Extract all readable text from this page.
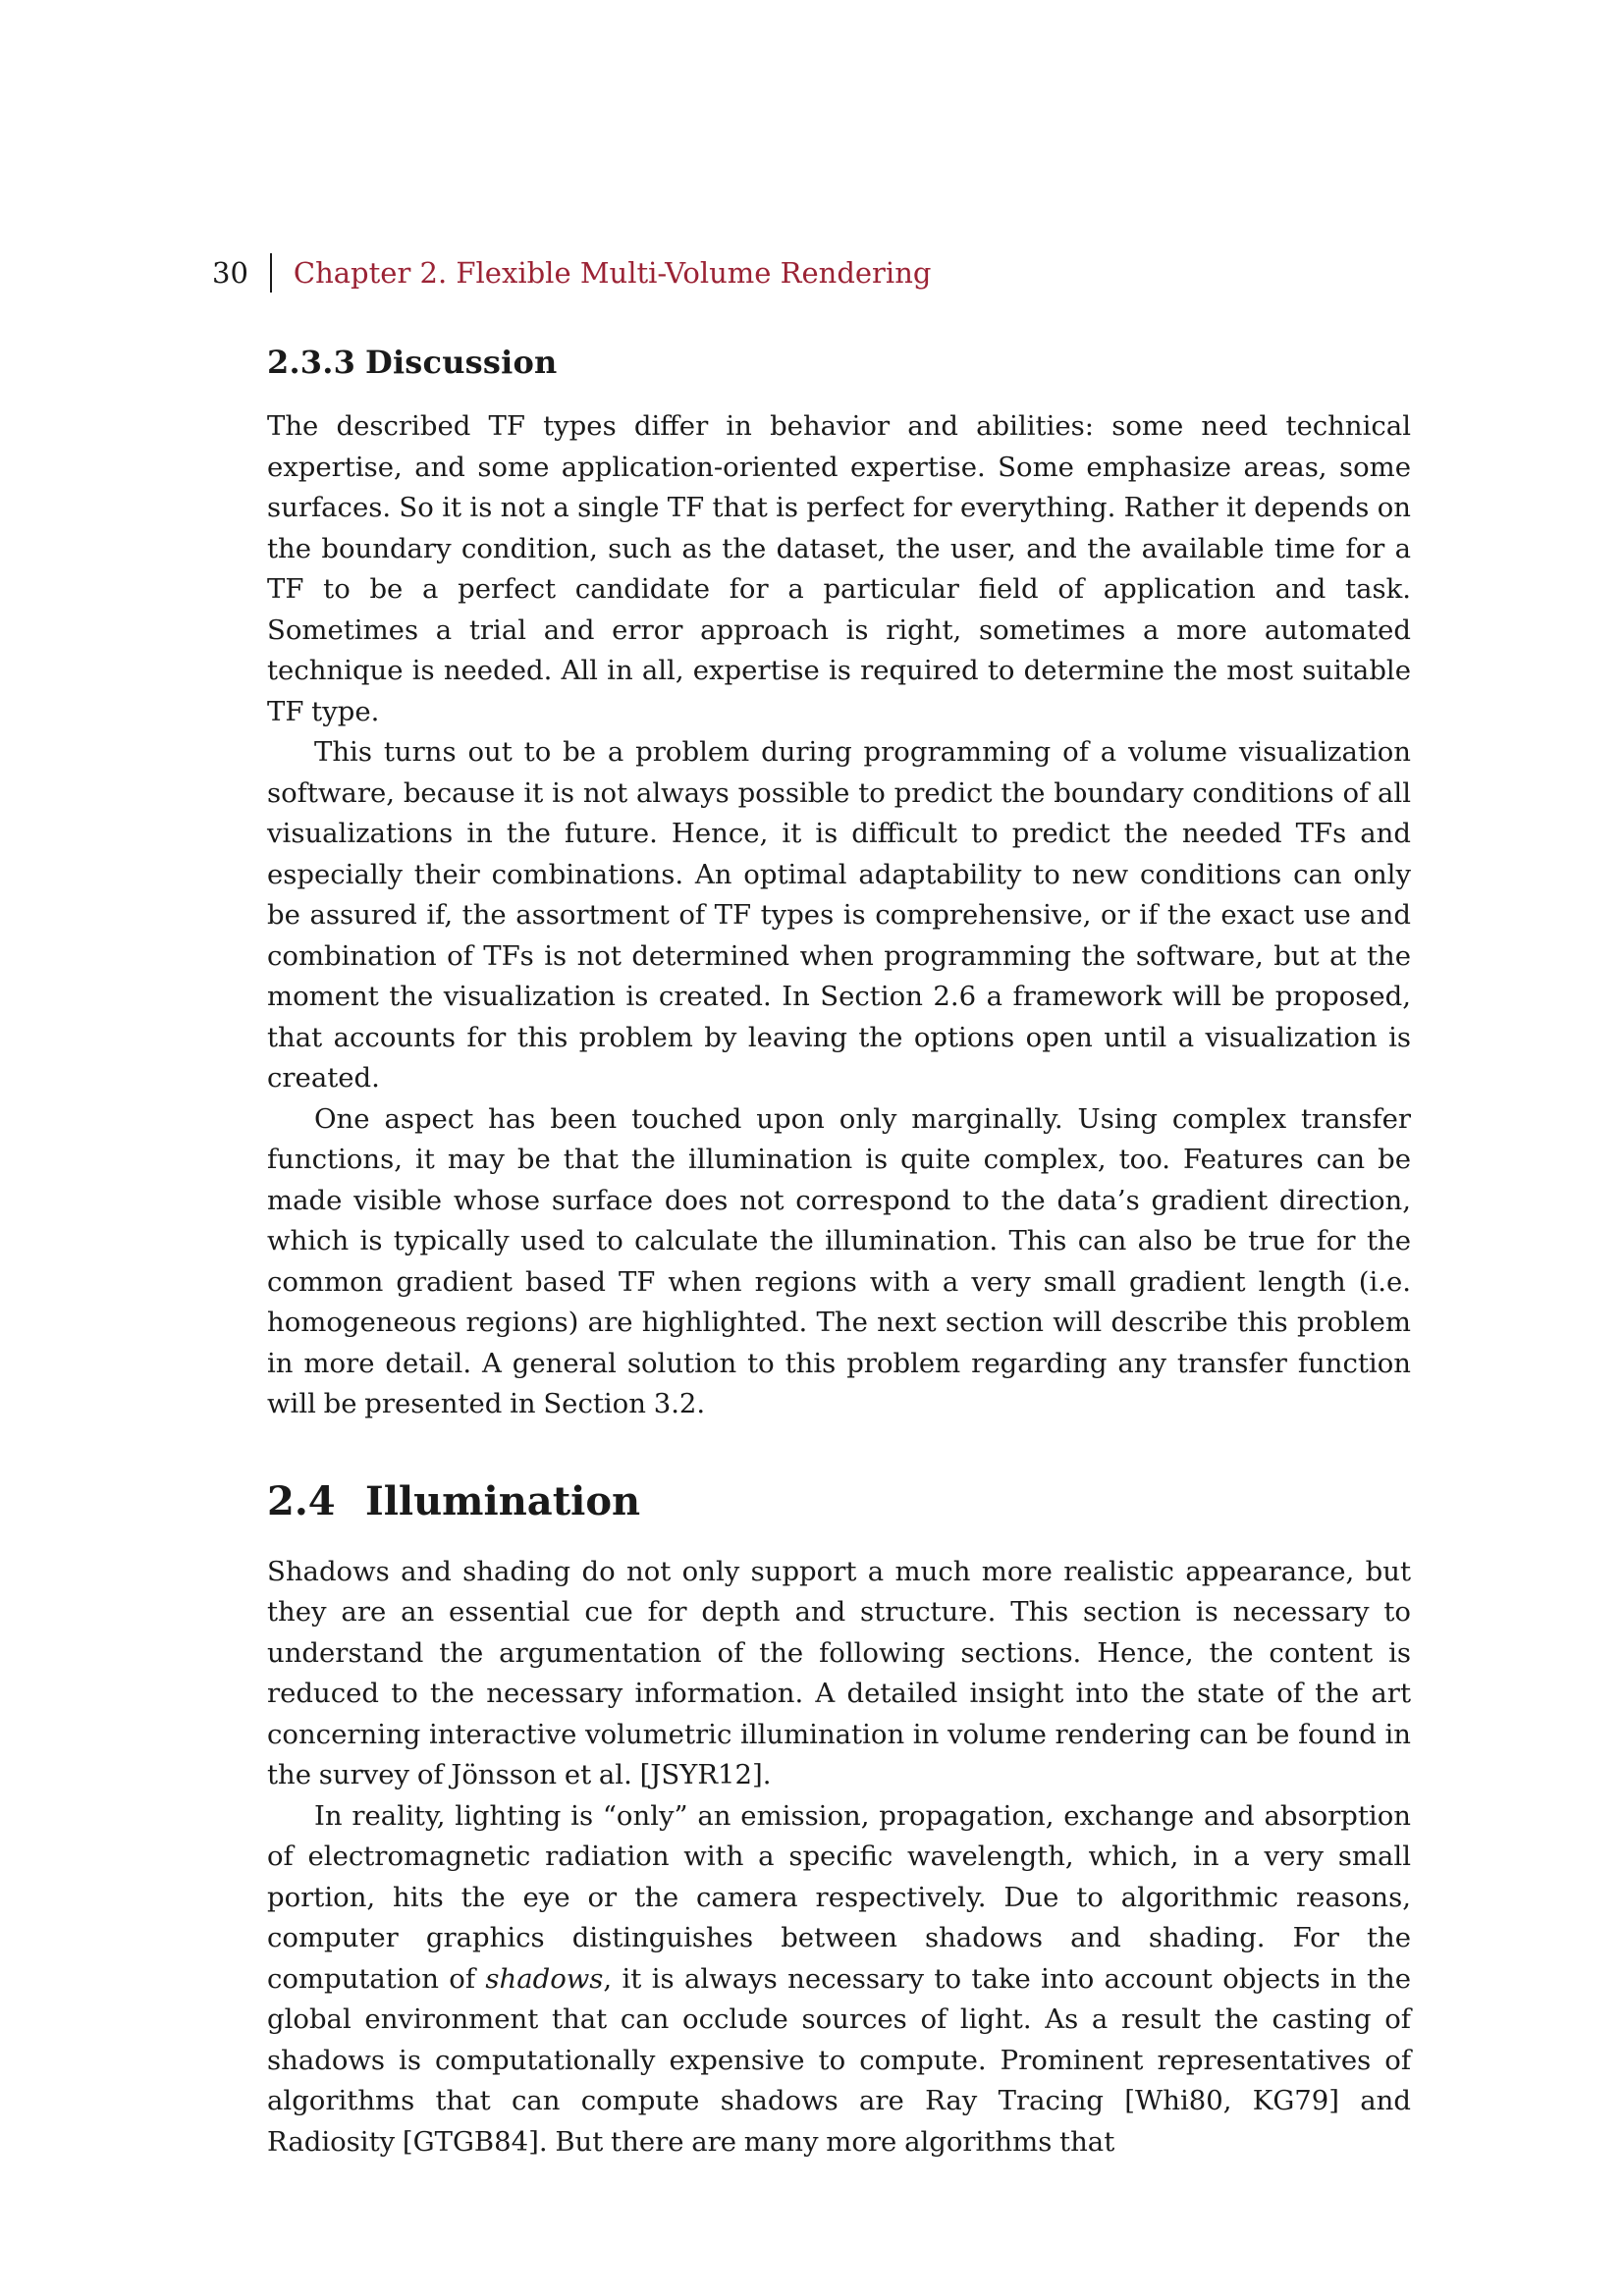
30 Chapter 2. Flexible Multi-Volume Rendering
2.3.3 Discussion

The described TF types differ in behavior and abilities: some need technical expertise, and some application-oriented expertise. Some emphasize areas, some surfaces. So it is not a single TF that is perfect for everything. Rather it depends on the boundary condition, such as the dataset, the user, and the available time for a TF to be a perfect candidate for a particular field of application and task. Sometimes a trial and error approach is right, sometimes a more automated technique is needed. All in all, expertise is required to determine the most suitable TF type.

This turns out to be a problem during programming of a volume visualization software, because it is not always possible to predict the boundary conditions of all visualizations in the future. Hence, it is difficult to predict the needed TFs and especially their combinations. An optimal adaptability to new conditions can only be assured if, the assortment of TF types is comprehensive, or if the exact use and combination of TFs is not determined when programming the software, but at the moment the visualization is created. In Section 2.6 a framework will be proposed, that accounts for this problem by leaving the options open until a visualization is created.

One aspect has been touched upon only marginally. Using complex transfer functions, it may be that the illumination is quite complex, too. Features can be made visible whose surface does not correspond to the data’s gradient direction, which is typically used to calculate the illumination. This can also be true for the common gradient based TF when regions with a very small gradient length (i.e. homogeneous regions) are highlighted. The next section will describe this problem in more detail. A general solution to this problem regarding any transfer function will be presented in Section 3.2.

2.4 Illumination

Shadows and shading do not only support a much more realistic appearance, but they are an essential cue for depth and structure. This section is necessary to understand the argumentation of the following sections. Hence, the content is reduced to the necessary information. A detailed insight into the state of the art concerning interactive volumetric illumination in volume rendering can be found in the survey of Jönsson et al. [JSYR12].

In reality, lighting is “only” an emission, propagation, exchange and absorption of electromagnetic radiation with a specific wavelength, which, in a very small portion, hits the eye or the camera respectively. Due to algorithmic reasons, computer graphics distinguishes between shadows and shading. For the computation of shadows, it is always necessary to take into account objects in the global environment that can occlude sources of light. As a result the casting of shadows is computationally expensive to compute. Prominent representatives of algorithms that can compute shadows are Ray Tracing [Whi80, KG79] and Radiosity [GTGB84]. But there are many more algorithms that
